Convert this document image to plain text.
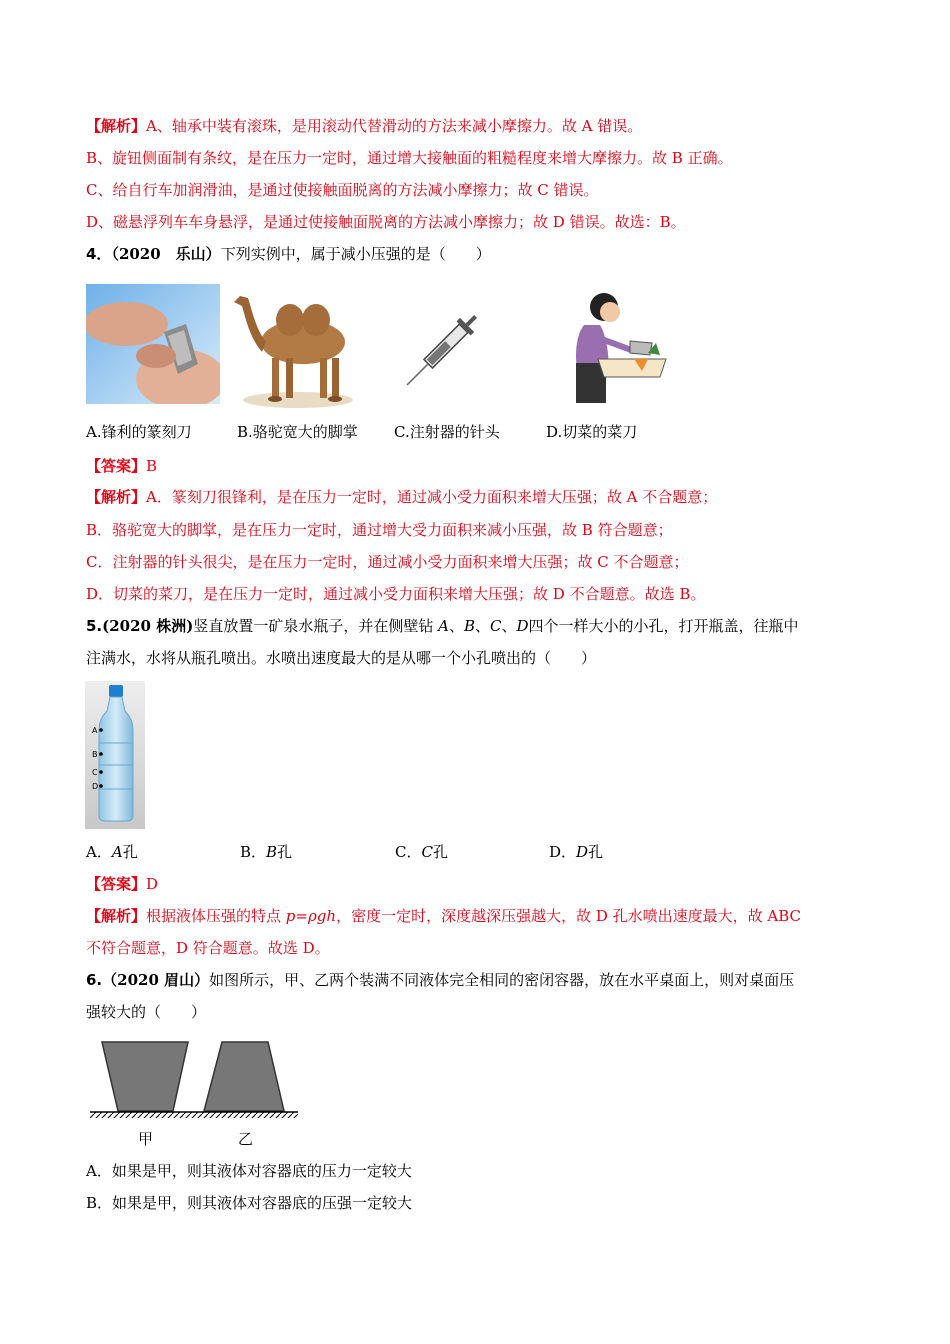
【解析】A、轴承中装有滚珠，是用滚动代替滑动的方法来减小摩擦力。故 A 错误。
B、旋钮侧面制有条纹，是在压力一定时，通过增大接触面的粗糙程度来增大摩擦力。故 B 正确。
C、给自行车加润滑油，是通过使接触面脱离的方法减小摩擦力；故 C 错误。
D、磁悬浮列车车身悬浮，是通过使接触面脱离的方法减小摩擦力；故 D 错误。故选：B。
4．（2020　乐山）下列实例中，属于减小压强的是（　　）
A.锋利的篆刻刀	B.骆驼宽大的脚掌 C.注射器的针头	D.切菜的菜刀
【答案】B
【解析】A．篆刻刀很锋利，是在压力一定时，通过减小受力面积来增大压强；故 A 不合题意；
B．骆驼宽大的脚掌，是在压力一定时，通过增大受力面积来减小压强，故 B 符合题意；
C．注射器的针头很尖，是在压力一定时，通过减小受力面积来增大压强；故 C 不合题意；
D．切菜的菜刀，是在压力一定时，通过减小受力面积来增大压强；故 D 不合题意。故选 B。
5.(2020 株洲)竖直放置一矿泉水瓶子，并在侧壁钻 A、B、C、D四个一样大小的小孔，打开瓶盖，往瓶中
注满水，水将从瓶孔喷出。水喷出速度最大的是从哪一个小孔喷出的（　　）
A
B
C
D
A．A孔	B．B孔	C．C孔	D．D孔
【答案】D
【解析】根据液体压强的特点 p=ρgh，密度一定时，深度越深压强越大，故 D 孔水喷出速度最大，故 ABC
不符合题意，D 符合题意。故选 D。
6.（2020 眉山）如图所示，甲、乙两个装满不同液体完全相同的密闭容器，放在水平桌面上，则对桌面压
强较大的（　　）
甲	乙
A．如果是甲，则其液体对容器底的压力一定较大
B．如果是甲，则其液体对容器底的压强一定较大
